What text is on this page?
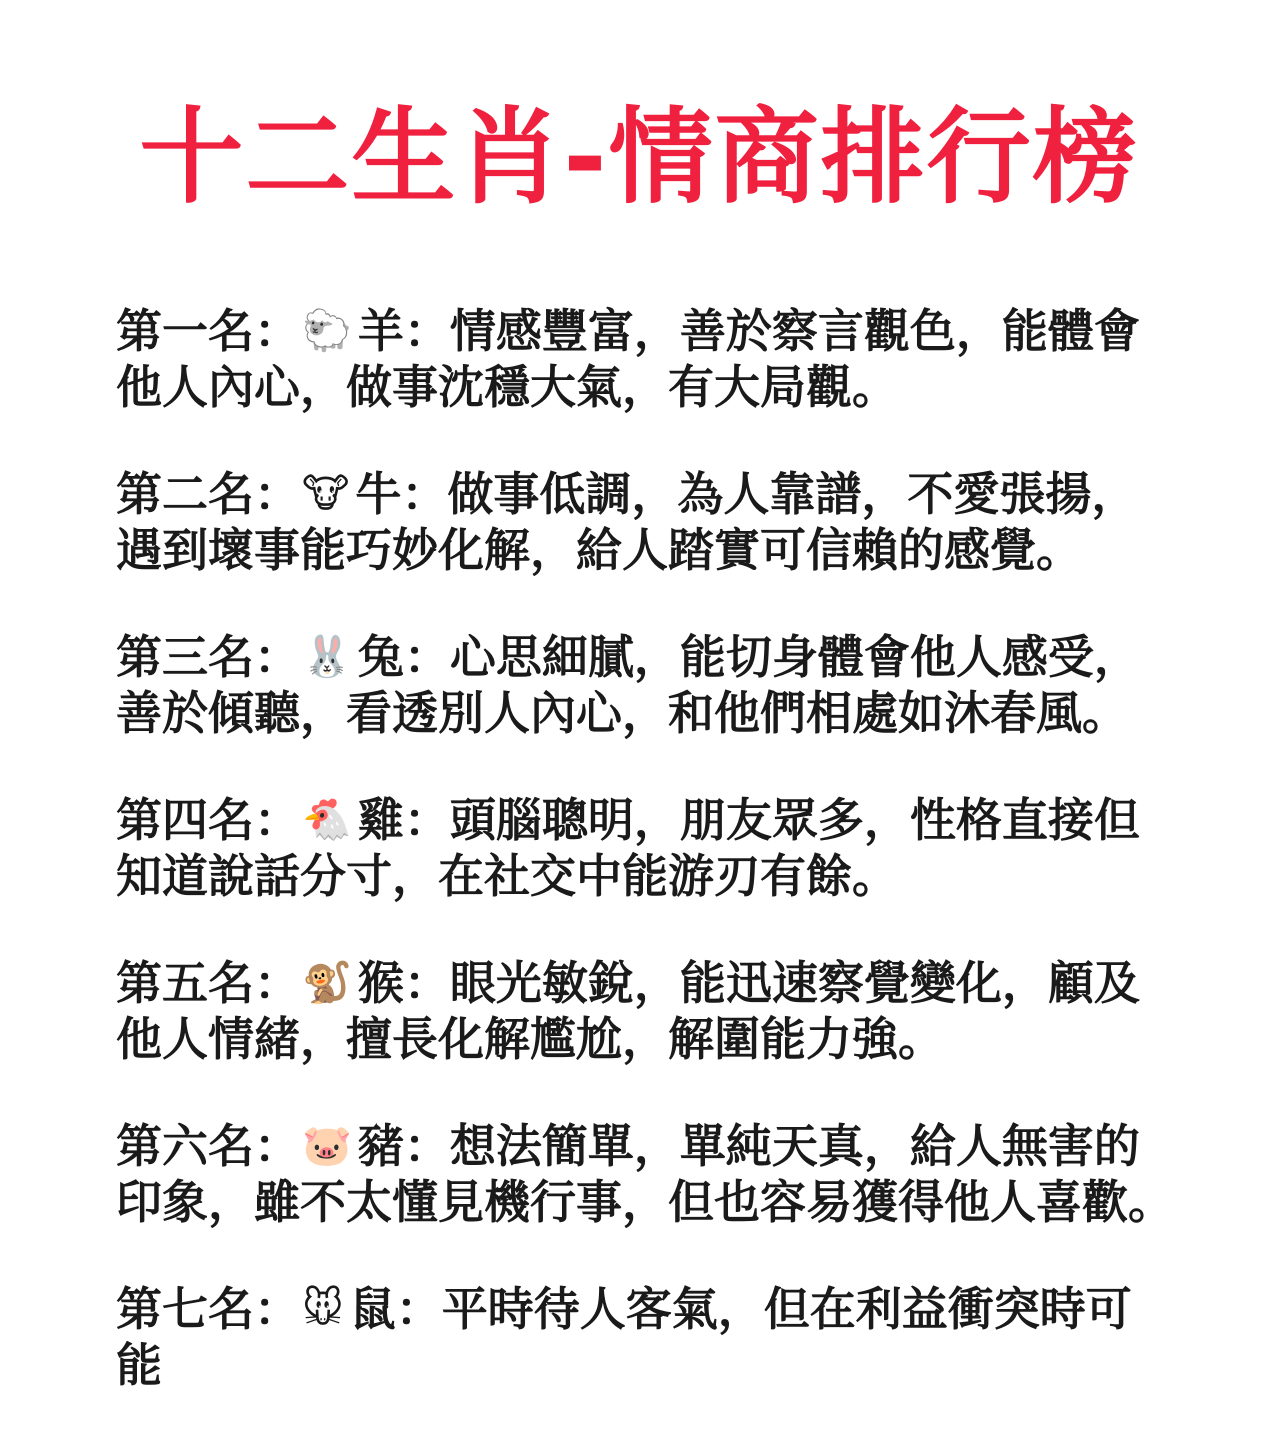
十二生肖-情商排行榜
第一名：🐑 羊：情感豐富，善於察言觀色，能體會他人內心，做事沈穩大氣，有大局觀。
第二名：🐮 牛：做事低調，為人靠譜，不愛張揚，遇到壞事能巧妙化解，給人踏實可信賴的感覺。
第三名：🐰 兔：心思細膩，能切身體會他人感受，善於傾聽，看透別人內心，和他們相處如沐春風。
第四名：🐔 雞：頭腦聰明，朋友眾多，性格直接但知道說話分寸，在社交中能游刃有餘。
第五名：🐒 猴：眼光敏銳，能迅速察覺變化，顧及他人情緒，擅長化解尷尬，解圍能力強。
第六名：🐷 豬：想法簡單，單純天真，給人無害的印象，雖不太懂見機行事，但也容易獲得他人喜歡。
第七名：🐭 鼠：平時待人客氣，但在利益衝突時可能
